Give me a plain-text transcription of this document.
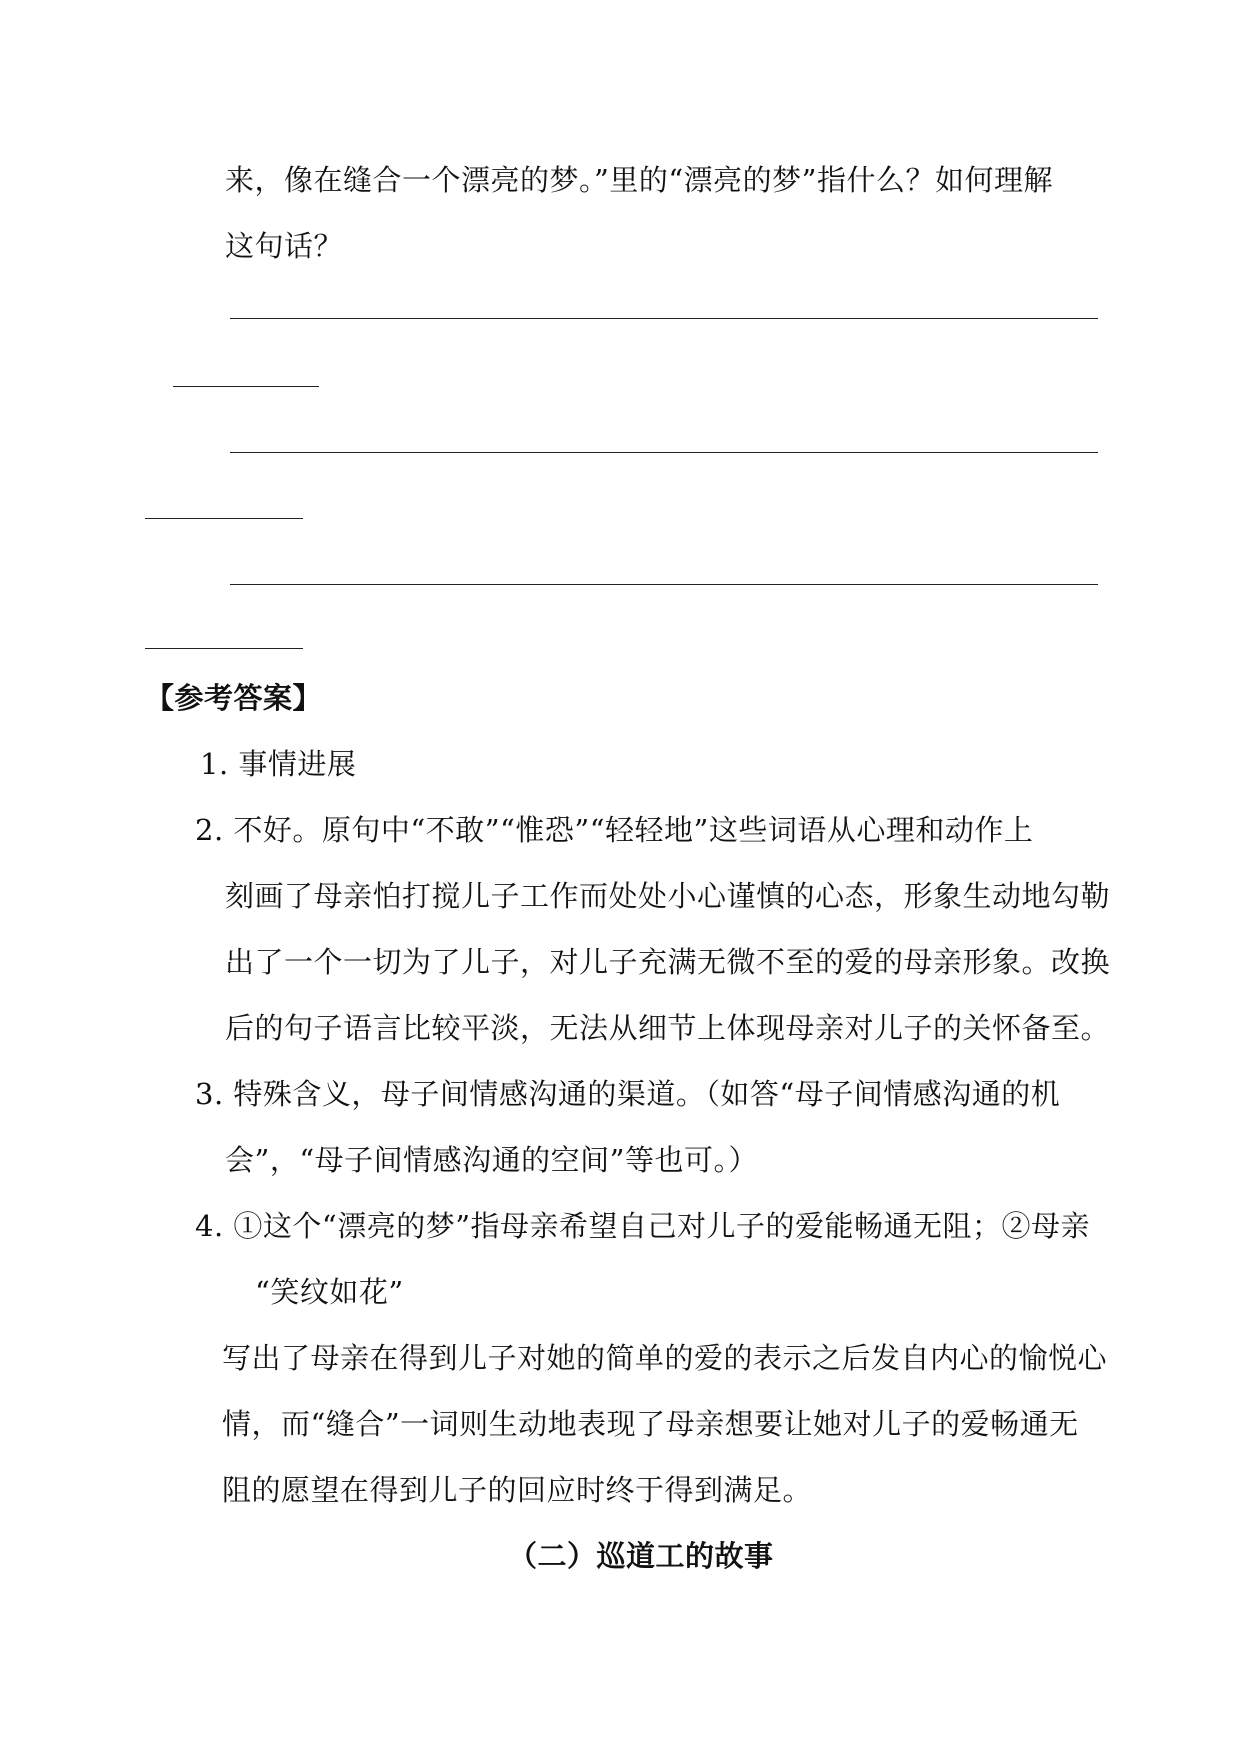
来，像在缝合一个漂亮的梦。”里的“漂亮的梦”指什么？如何理解
这句话？
【参考答案】
1. 事情进展
2. 不好。原句中“不敢”“惟恐”“轻轻地”这些词语从心理和动作上
刻画了母亲怕打搅儿子工作而处处小心谨慎的心态，形象生动地勾勒
出了一个一切为了儿子，对儿子充满无微不至的爱的母亲形象。改换
后的句子语言比较平淡，无法从细节上体现母亲对儿子的关怀备至。
3. 特殊含义，母子间情感沟通的渠道。（如答“母子间情感沟通的机
会”，“母子间情感沟通的空间”等也可。）
4. ①这个“漂亮的梦”指母亲希望自己对儿子的爱能畅通无阻；②母亲
“笑纹如花”
写出了母亲在得到儿子对她的简单的爱的表示之后发自内心的愉悦心
情，而“缝合”一词则生动地表现了母亲想要让她对儿子的爱畅通无
阻的愿望在得到儿子的回应时终于得到满足。
（二）巡道工的故事
